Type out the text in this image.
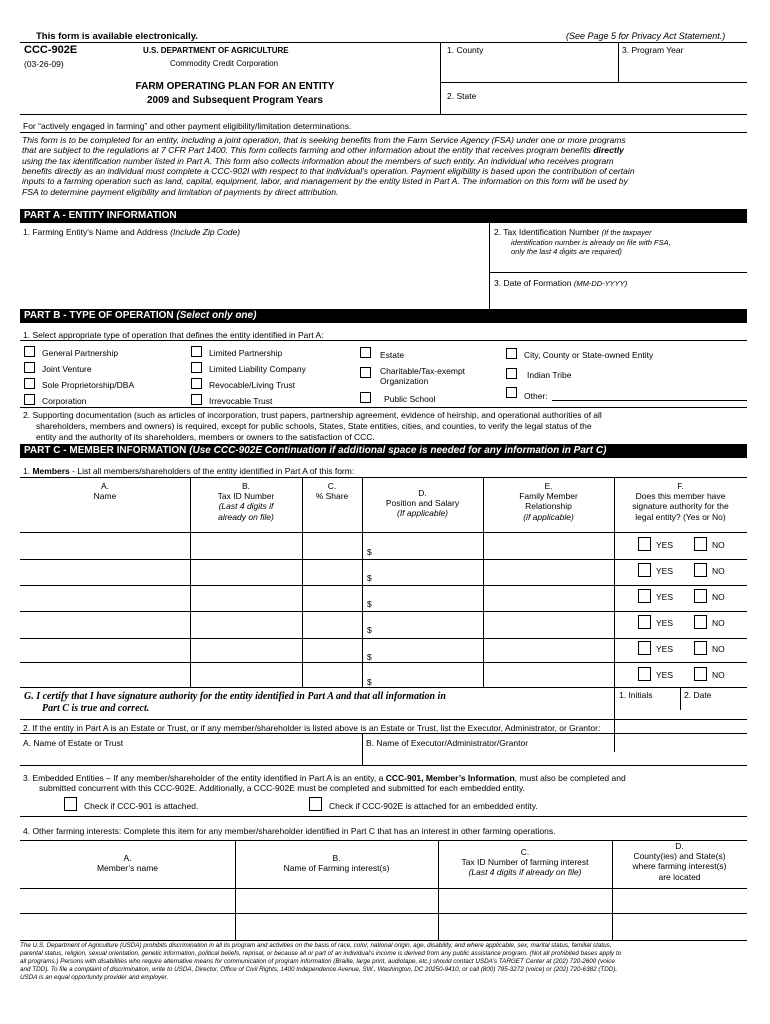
This form is available electronically.	(See Page 5 for Privacy Act Statement.)
CCC-902E
(03-26-09)
U.S. DEPARTMENT OF AGRICULTURE
Commodity Credit Corporation
FARM OPERATING PLAN FOR AN ENTITY
2009 and Subsequent Program Years
1. County	3. Program Year
2. State
For “actively engaged in farming” and other payment eligibility/limitation determinations.
This form is to be completed for an entity, including a joint operation, that is seeking benefits from the Farm Service Agency (FSA) under one or more programs
that are subject to the regulations at 7 CFR Part 1400. This form collects farming and other information about the entity that receives program benefits directly
using the tax identification number listed in Part A. This form also collects information about the members of such entity. An individual who receives program
benefits directly as an individual must complete a CCC-902I with respect to that individual's operation. Payment eligibility is based upon the contribution of certain
inputs to a farming operation such as land, capital, equipment, labor, and management by the entity listed in Part A. The information on this form will be used by
FSA to determine payment eligibility and limitation of payments by direct attribution.
PART A - ENTITY INFORMATION
1. Farming Entity's Name and Address (Include Zip Code)	2. Tax Identification Number (If the taxpayer
identification number is already on file with FSA,
only the last 4 digits are required)
3. Date of Formation (MM-DD-YYYY)
PART B - TYPE OF OPERATION (Select only one)
1. Select appropriate type of operation that defines the entity identified in Part A:
General Partnership
Joint Venture
Sole Proprietorship/DBA
Corporation
Limited Partnership
Limited Liability Company
Revocable/Living Trust
Irrevocable Trust
Estate
Charitable/Tax-exempt
Organization
Public School
City, County or State-owned Entity
Indian Tribe
Other:
2. Supporting documentation (such as articles of incorporation, trust papers, partnership agreement, evidence of heirship, and operational authorities of all
shareholders, members and owners) is required, except for public schools, States, State entities, cities, and counties, to verify the legal status of the
entity and the authority of its shareholders, members or owners to the satisfaction of CCC.
PART C - MEMBER INFORMATION (Use CCC-902E Continuation if additional space is needed for any information in Part C)
1. Members - List all members/shareholders of the entity identified in Part A of this form:
A.
Name
B.
Tax ID Number
(Last 4 digits if
already on file)
C.
% Share	D.
Position and Salary
(If applicable)
E.
Family Member
Relationship
(if applicable)
F.
Does this member have
signature authority for the
legal entity? (Yes or No)
$
YES	NO
$
YES	NO
$
YES	NO
$
YES	NO
$
YES	NO
$
YES	NO
G. I certify that I have signature authority for the entity identified in Part A and that all information in
Part C is true and correct.
1. Initials	2. Date
2. If the entity in Part A is an Estate or Trust, or if any member/shareholder is listed above is an Estate or Trust, list the Executor, Administrator, or Grantor:
A. Name of Estate or Trust	B. Name of Executor/Administrator/Grantor
3. Embedded Entities – If any member/shareholder of the entity identified in Part A is an entity, a CCC-901, Member’s Information, must also be completed and
submitted concurrent with this CCC-902E. Additionally, a CCC-902E must be completed and submitted for each embedded entity.
Check if CCC-901 is attached.	Check if CCC-902E is attached for an embedded entity.
4. Other farming interests: Complete this item for any member/shareholder identified in Part C that has an interest in other farming operations.
A.
Member’s name
B.
Name of Farming interest(s)
C.
Tax ID Number of farming interest
(Last 4 digits if already on file)
D.
County(ies) and State(s)
where farming interest(s)
are located
The U.S. Department of Agriculture (USDA) prohibits discrimination in all its program and activities on the basis of race, color, national origin, age, disability, and where applicable, sex, marital status, familial status,
parental status, religion, sexual orientation, genetic information, political beliefs, reprisal, or because all or part of an individual’s income is derived from any public assistance program. (Not all prohibited bases apply to
all programs.) Persons with disabilities who require alternative means for communication of program information (Braille, large print, audiotape, etc.) should contact USDA’s TARGET Center at (202) 720-2600 (voice
and TDD). To file a complaint of discrimination, write to USDA, Director, Office of Civil Rights, 1400 Independence Avenue, SW., Washington, DC 20250-9410, or call (800) 795-3272 (voice) or (202) 720-6382 (TDD).
USDA is an equal opportunity provider and employer.
